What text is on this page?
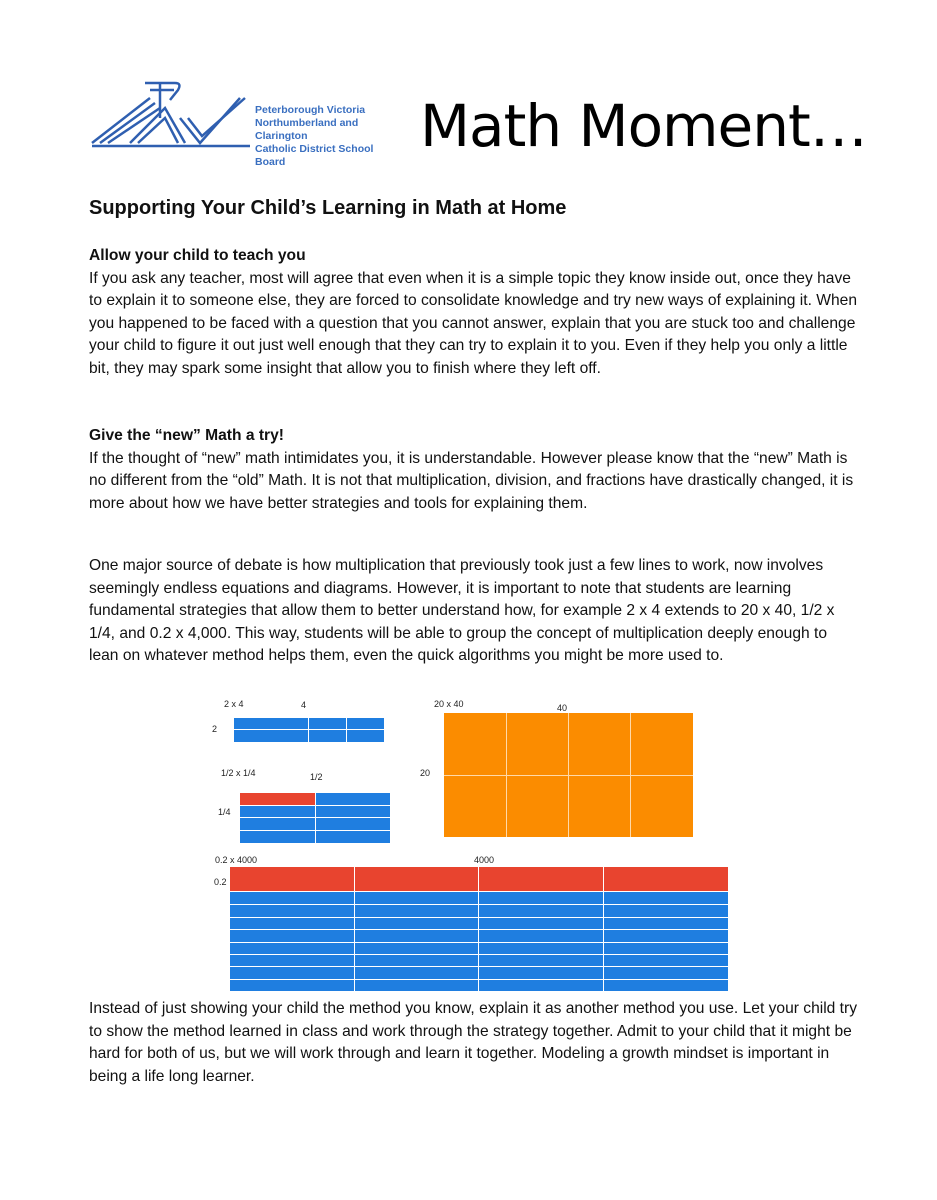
Peterborough Victoria
Northumberland and Clarington
Catholic District School Board
Math Moment…
Supporting Your Child’s Learning in Math at Home
Allow your child to teach you
If you ask any teacher, most will agree that even when it is a simple topic they know inside out, once they have to explain it to someone else, they are forced to consolidate knowledge and try new ways of explaining it. When you happened to be faced with a question that you cannot answer, explain that you are stuck too and challenge your child to figure it out just well enough that they can try to explain it to you. Even if they help you only a little bit, they may spark some insight that allow you to finish where they left off.
Give the “new” Math a try!
If the thought of “new” math intimidates you, it is understandable. However please know that the “new” Math is no different from the “old” Math. It is not that multiplication, division, and fractions have drastically changed, it is more about how we have better strategies and tools for explaining them.
One major source of debate is how multiplication that previously took just a few lines to work, now involves seemingly endless equations and diagrams. However, it is important to note that students are learning fundamental strategies that allow them to better understand how, for example 2 x 4 extends to 20 x 40, 1/2 x 1/4, and 0.2 x 4,000. This way, students will be able to group the concept of multiplication deeply enough to lean on whatever method helps them, even the quick algorithms you might be more used to.
2 x 4	4
2
20 x 40	40
20
1/2 x 1/4	1/2
1/4
0.2 x 4000	4000
0.2
Instead of just showing your child the method you know, explain it as another method you use. Let your child try to show the method learned in class and work through the strategy together. Admit to your child that it might be hard for both of us, but we will work through and learn it together. Modeling a growth mindset is important in being a life long learner.
